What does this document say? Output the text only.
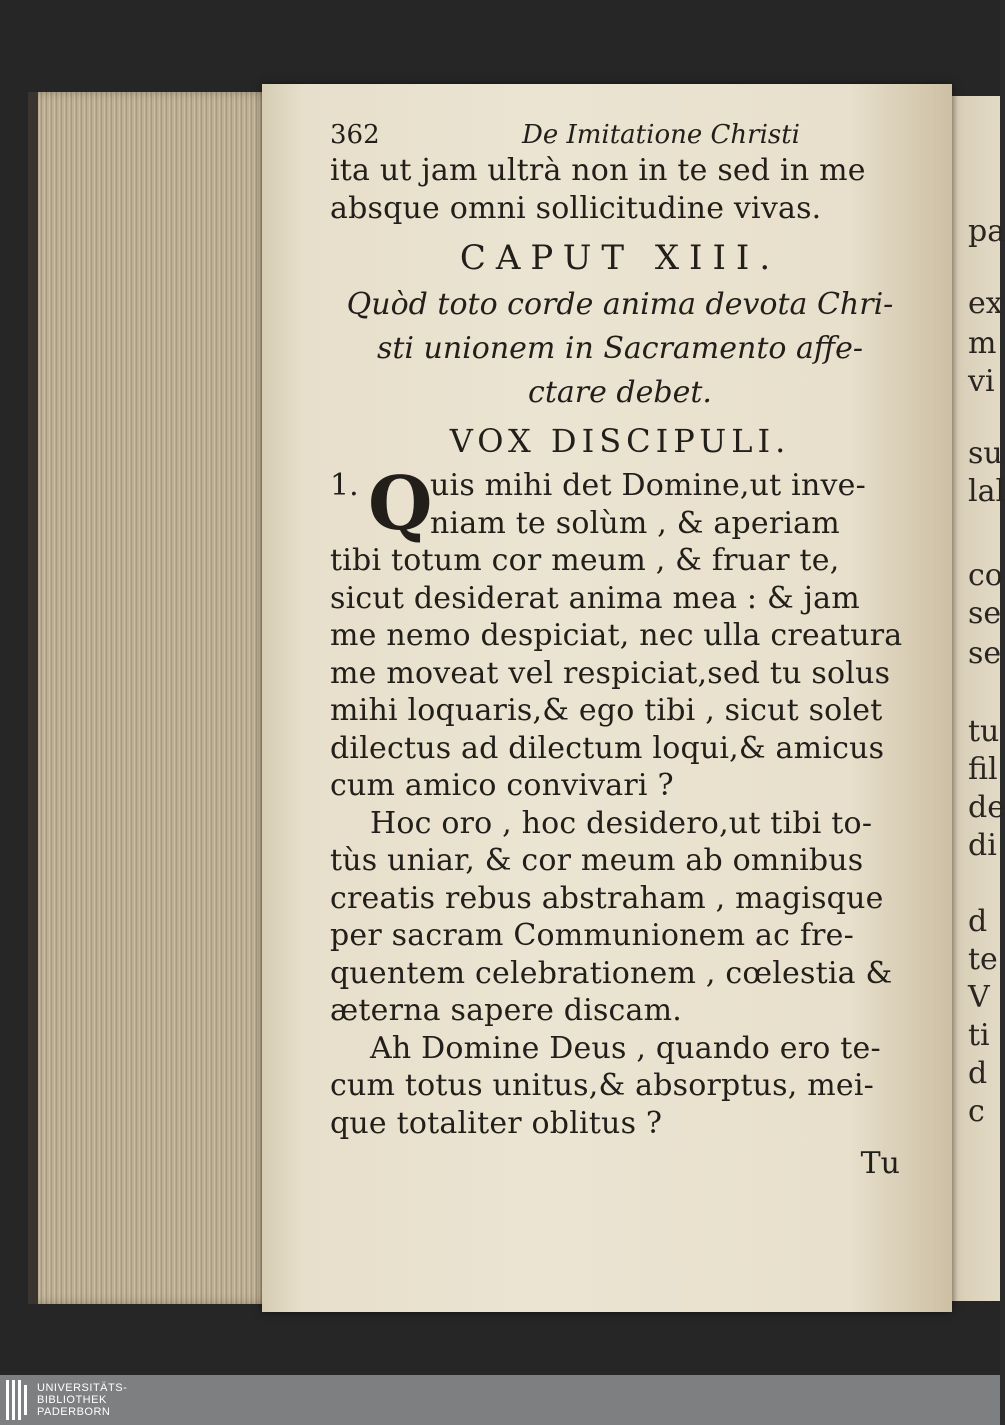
pa
ex
m
vi
su
lal
co
se
se
tu
fil
de
di
d
te
V
ti
d
c
362	De Imitatione Christi
ita ut jam ultrà non in te sed in me
absque omni sollicitudine vivas.
CAPUT XIII.
Quòd toto corde anima devota Chri-
sti unionem in Sacramento affe-
ctare debet.
VOX DISCIPULI.
1. Q
uis mihi det Domine,ut inve-
niam te solùm , & aperiam
tibi totum cor meum , & fruar te,
sicut desiderat anima mea : & jam
me nemo despiciat, nec ulla creatura
me moveat vel respiciat,sed tu solus
mihi loquaris,& ego tibi , sicut solet
dilectus ad dilectum loqui,& amicus
cum amico convivari ?
Hoc oro , hoc desidero,ut tibi to-
tùs uniar, & cor meum ab omnibus
creatis rebus abstraham , magisque
per sacram Communionem ac fre-
quentem celebrationem , cœlestia &
æterna sapere discam.
Ah Domine Deus , quando ero te-
cum totus unitus,& absorptus, mei-
que totaliter oblitus ?
Tu
UNIVERSITÄTS-
BIBLIOTHEK
PADERBORN
